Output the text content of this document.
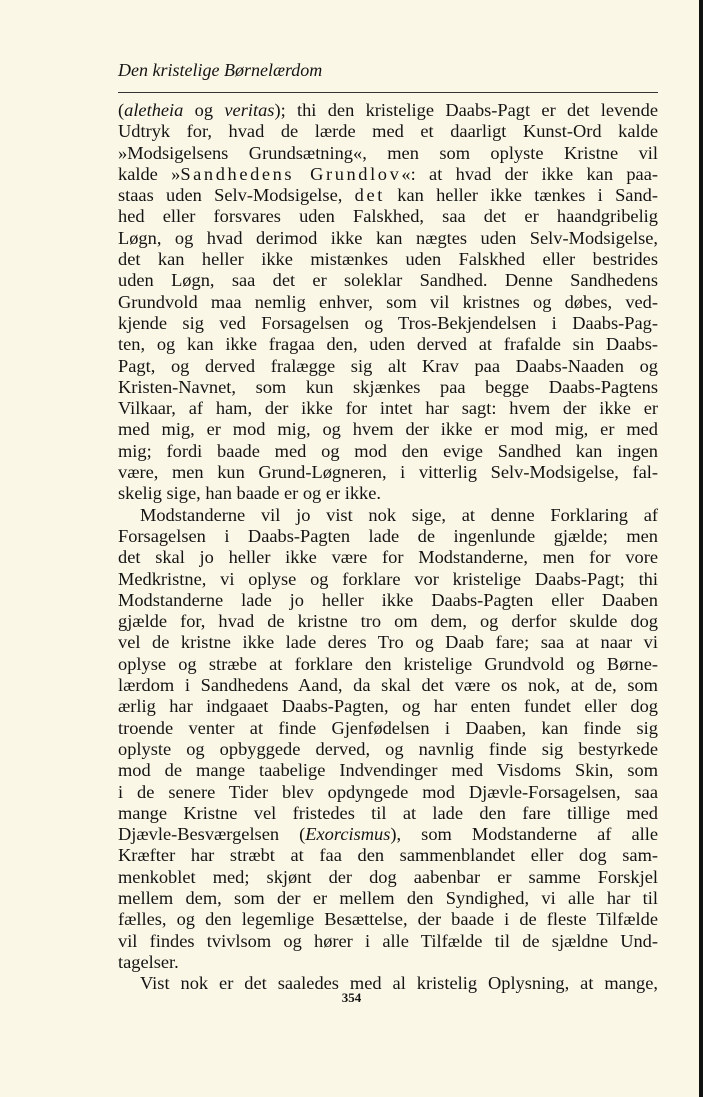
Den kristelige Børnelærdom
(aletheia og veritas); thi den kristelige Daabs-Pagt er det levende
Udtryk for, hvad de lærde med et daarligt Kunst-Ord kalde
»Modsigelsens Grundsætning«, men som oplyste Kristne vil
kalde »Sandhedens Grundlov«: at hvad der ikke kan paa-
staas uden Selv-Modsigelse, det kan heller ikke tænkes i Sand-
hed eller forsvares uden Falskhed, saa det er haandgribelig
Løgn, og hvad derimod ikke kan nægtes uden Selv-Modsigelse,
det kan heller ikke mistænkes uden Falskhed eller bestrides
uden Løgn, saa det er soleklar Sandhed. Denne Sandhedens
Grundvold maa nemlig enhver, som vil kristnes og døbes, ved-
kjende sig ved Forsagelsen og Tros-Bekjendelsen i Daabs-Pag-
ten, og kan ikke fragaa den, uden derved at frafalde sin Daabs-
Pagt, og derved fralægge sig alt Krav paa Daabs-Naaden og
Kristen-Navnet, som kun skjænkes paa begge Daabs-Pagtens
Vilkaar, af ham, der ikke for intet har sagt: hvem der ikke er
med mig, er mod mig, og hvem der ikke er mod mig, er med
mig; fordi baade med og mod den evige Sandhed kan ingen
være, men kun Grund-Løgneren, i vitterlig Selv-Modsigelse, fal-
skelig sige, han baade er og er ikke.
Modstanderne vil jo vist nok sige, at denne Forklaring af
Forsagelsen i Daabs-Pagten lade de ingenlunde gjælde; men
det skal jo heller ikke være for Modstanderne, men for vore
Medkristne, vi oplyse og forklare vor kristelige Daabs-Pagt; thi
Modstanderne lade jo heller ikke Daabs-Pagten eller Daaben
gjælde for, hvad de kristne tro om dem, og derfor skulde dog
vel de kristne ikke lade deres Tro og Daab fare; saa at naar vi
oplyse og stræbe at forklare den kristelige Grundvold og Børne-
lærdom i Sandhedens Aand, da skal det være os nok, at de, som
ærlig har indgaaet Daabs-Pagten, og har enten fundet eller dog
troende venter at finde Gjenfødelsen i Daaben, kan finde sig
oplyste og opbyggede derved, og navnlig finde sig bestyrkede
mod de mange taabelige Indvendinger med Visdoms Skin, som
i de senere Tider blev opdyngede mod Djævle-Forsagelsen, saa
mange Kristne vel fristedes til at lade den fare tillige med
Djævle-Besværgelsen (Exorcismus), som Modstanderne af alle
Kræfter har stræbt at faa den sammenblandet eller dog sam-
menkoblet med; skjønt der dog aabenbar er samme Forskjel
mellem dem, som der er mellem den Syndighed, vi alle har til
fælles, og den legemlige Besættelse, der baade i de fleste Tilfælde
vil findes tvivlsom og hører i alle Tilfælde til de sjældne Und-
tagelser.
Vist nok er det saaledes med al kristelig Oplysning, at mange,
354
